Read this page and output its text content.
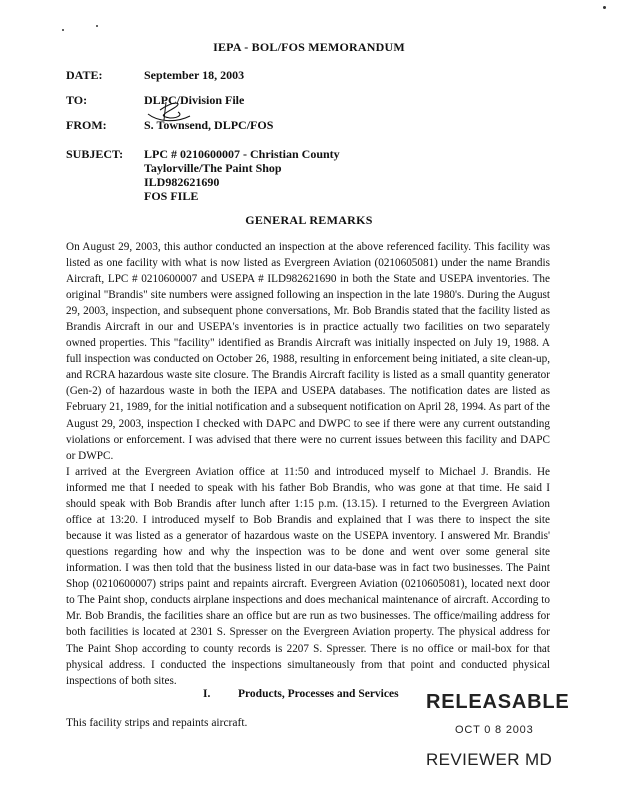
IEPA - BOL/FOS MEMORANDUM

DATE:	September 18, 2003

TO:	DLPC/Division File

FROM:	S. Townsend, DLPC/FOS

SUBJECT: LPC # 0210600007 - Christian County

Taylorville/The Paint Shop

ILD982621690

FOS FILE

GENERAL REMARKS

On August 29, 2003, this author conducted an inspection at the above referenced facility. This facility was listed as one facility with what is now listed as Evergreen Aviation (0210605081) under the name Brandis Aircraft, LPC # 0210600007 and USEPA # ILD982621690 in both the State and USEPA inventories. The original "Brandis" site numbers were assigned following an inspection in the late 1980's. During the August 29, 2003, inspection, and subsequent phone conversations, Mr. Bob Brandis stated that the facility listed as Brandis Aircraft in our and USEPA's inventories is in practice actually two facilities on two separately owned properties. This "facility" identified as Brandis Aircraft was initially inspected on July 19, 1988. A full inspection was conducted on October 26, 1988, resulting in enforcement being initiated, a site clean-up, and RCRA hazardous waste site closure. The Brandis Aircraft facility is listed as a small quantity generator (Gen-2) of hazardous waste in both the IEPA and USEPA databases. The notification dates are listed as February 21, 1989, for the initial notification and a subsequent notification on April 28, 1994. As part of the August 29, 2003, inspection I checked with DAPC and DWPC to see if there were any current outstanding violations or enforcement. I was advised that there were no current issues between this facility and DAPC or DWPC.

I arrived at the Evergreen Aviation office at 11:50 and introduced myself to Michael J. Brandis. He informed me that I needed to speak with his father Bob Brandis, who was gone at that time. He said I should speak with Bob Brandis after lunch after 1:15 p.m. (13.15). I returned to the Evergreen Aviation office at 13:20. I introduced myself to Bob Brandis and explained that I was there to inspect the site because it was listed as a generator of hazardous waste on the USEPA inventory. I answered Mr. Brandis' questions regarding how and why the inspection was to be done and went over some general site information. I was then told that the business listed in our data-base was in fact two businesses. The Paint Shop (0210600007) strips paint and repaints aircraft. Evergreen Aviation (0210605081), located next door to The Paint shop, conducts airplane inspections and does mechanical maintenance of aircraft. According to Mr. Bob Brandis, the facilities share an office but are run as two businesses. The office/mailing address for both facilities is located at 2301 S. Spresser on the Evergreen Aviation property. The physical address for The Paint Shop according to county records is 2207 S. Spresser. There is no office or mail-box for that physical address. I conducted the inspections simultaneously from that point and conducted physical inspections of both sites.

I. Products, Processes and Services

This facility strips and repaints aircraft.

RELEASABLE

OCT 0 8 2003

REVIEWER MD
